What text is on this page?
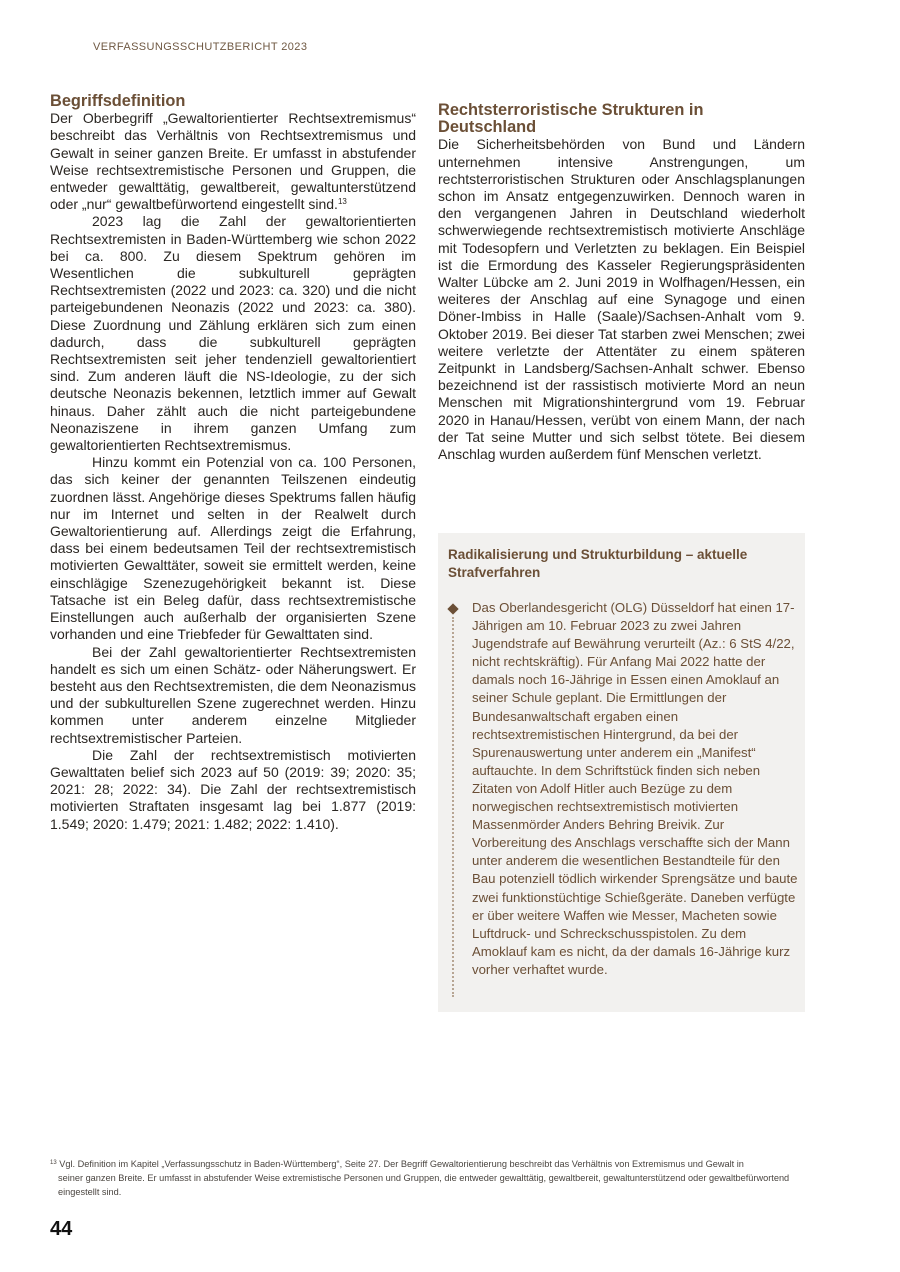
VERFASSUNGSSCHUTZBERICHT 2023
Begriffsdefinition

Der Oberbegriff „Gewaltorientierter Rechtsextremismus“ beschreibt das Verhältnis von Rechtsextremismus und Gewalt in seiner ganzen Breite. Er umfasst in abstufender Weise rechtsextremistische Personen und Gruppen, die entweder gewalttätig, gewaltbereit, gewaltunterstützend oder „nur“ gewaltbefürwortend eingestellt sind.$^{13}$

2023 lag die Zahl der gewaltorientierten Rechtsextremisten in Baden-Württemberg wie schon 2022 bei ca. 800. Zu diesem Spektrum gehören im Wesentlichen die subkulturell geprägten Rechtsextremisten (2022 und 2023: ca. 320) und die nicht parteigebundenen Neonazis (2022 und 2023: ca. 380). Diese Zuordnung und Zählung erklären sich zum einen dadurch, dass die subkulturell geprägten Rechtsextremisten seit jeher tendenziell gewaltorientiert sind. Zum anderen läuft die NS-Ideologie, zu der sich deutsche Neonazis bekennen, letztlich immer auf Gewalt hinaus. Daher zählt auch die nicht parteigebundene Neonaziszene in ihrem ganzen Umfang zum gewaltorientierten Rechtsextremismus.

Hinzu kommt ein Potenzial von ca. 100 Personen, das sich keiner der genannten Teilszenen eindeutig zuordnen lässt. Angehörige dieses Spektrums fallen häufig nur im Internet und selten in der Realwelt durch Gewaltorientierung auf. Allerdings zeigt die Erfahrung, dass bei einem bedeutsamen Teil der rechtsextremistisch motivierten Gewalttäter, soweit sie ermittelt werden, keine einschlägige Szenezugehörigkeit bekannt ist. Diese Tatsache ist ein Beleg dafür, dass rechtsextremistische Einstellungen auch außerhalb der organisierten Szene vorhanden und eine Triebfeder für Gewalttaten sind.

Bei der Zahl gewaltorientierter Rechtsextremisten handelt es sich um einen Schätz- oder Näherungswert. Er besteht aus den Rechtsextremisten, die dem Neonazismus und der subkulturellen Szene zugerechnet werden. Hinzu kommen unter anderem einzelne Mitglieder rechtsextremistischer Parteien.

Die Zahl der rechtsextremistisch motivierten Gewalttaten belief sich 2023 auf 50 (2019: 39; 2020: 35; 2021: 28; 2022: 34). Die Zahl der rechtsextremistisch motivierten Straftaten insgesamt lag bei 1.877 (2019: 1.549; 2020: 1.479; 2021: 1.482; 2022: 1.410).

Rechtsterroristische Strukturen in Deutschland

Die Sicherheitsbehörden von Bund und Ländern unternehmen intensive Anstrengungen, um rechtsterroristischen Strukturen oder Anschlagsplanungen schon im Ansatz entgegenzuwirken. Dennoch waren in den vergangenen Jahren in Deutschland wiederholt schwerwiegende rechtsextremistisch motivierte Anschläge mit Todesopfern und Verletzten zu beklagen. Ein Beispiel ist die Ermordung des Kasseler Regierungspräsidenten Walter Lübcke am 2. Juni 2019 in Wolfhagen/Hessen, ein weiteres der Anschlag auf eine Synagoge und einen Döner-Imbiss in Halle (Saale)/Sachsen-Anhalt vom 9. Oktober 2019. Bei dieser Tat starben zwei Menschen; zwei weitere verletzte der Attentäter zu einem späteren Zeitpunkt in Landsberg/Sachsen-Anhalt schwer. Ebenso bezeichnend ist der rassistisch motivierte Mord an neun Menschen mit Migrationshintergrund vom 19. Februar 2020 in Hanau/Hessen, verübt von einem Mann, der nach der Tat seine Mutter und sich selbst tötete. Bei diesem Anschlag wurden außerdem fünf Menschen verletzt.

Radikalisierung und Strukturbildung – aktuelle Strafverfahren

Das Oberlandesgericht (OLG) Düsseldorf hat einen 17-Jährigen am 10. Februar 2023 zu zwei Jahren Jugendstrafe auf Bewährung verurteilt (Az.: 6 StS 4/22, nicht rechtskräftig). Für Anfang Mai 2022 hatte der damals noch 16-Jährige in Essen einen Amoklauf an seiner Schule geplant. Die Ermittlungen der Bundesanwaltschaft ergaben einen rechtsextremistischen Hintergrund, da bei der Spurenauswertung unter anderem ein „Manifest“ auftauchte. In dem Schriftstück finden sich neben Zitaten von Adolf Hitler auch Bezüge zu dem norwegischen rechtsextremistisch motivierten Massenmörder Anders Behring Breivik. Zur Vorbereitung des Anschlags verschaffte sich der Mann unter anderem die wesentlichen Bestandteile für den Bau potenziell tödlich wirkender Sprengsätze und baute zwei funktionstüchtige Schießgeräte. Daneben verfügte er über weitere Waffen wie Messer, Macheten sowie Luftdruck- und Schreckschusspistolen. Zu dem Amoklauf kam es nicht, da der damals 16-Jährige kurz vorher verhaftet wurde.

$^{13}$ Vgl. Definition im Kapitel „Verfassungsschutz in Baden-Württemberg“, Seite 27. Der Begriff Gewaltorientierung beschreibt das Verhältnis von Extremismus und Gewalt in
seiner ganzen Breite. Er umfasst in abstufender Weise extremistische Personen und Gruppen, die entweder gewalttätig, gewaltbereit, gewaltunterstützend oder gewaltbefürwortend eingestellt sind.
44
